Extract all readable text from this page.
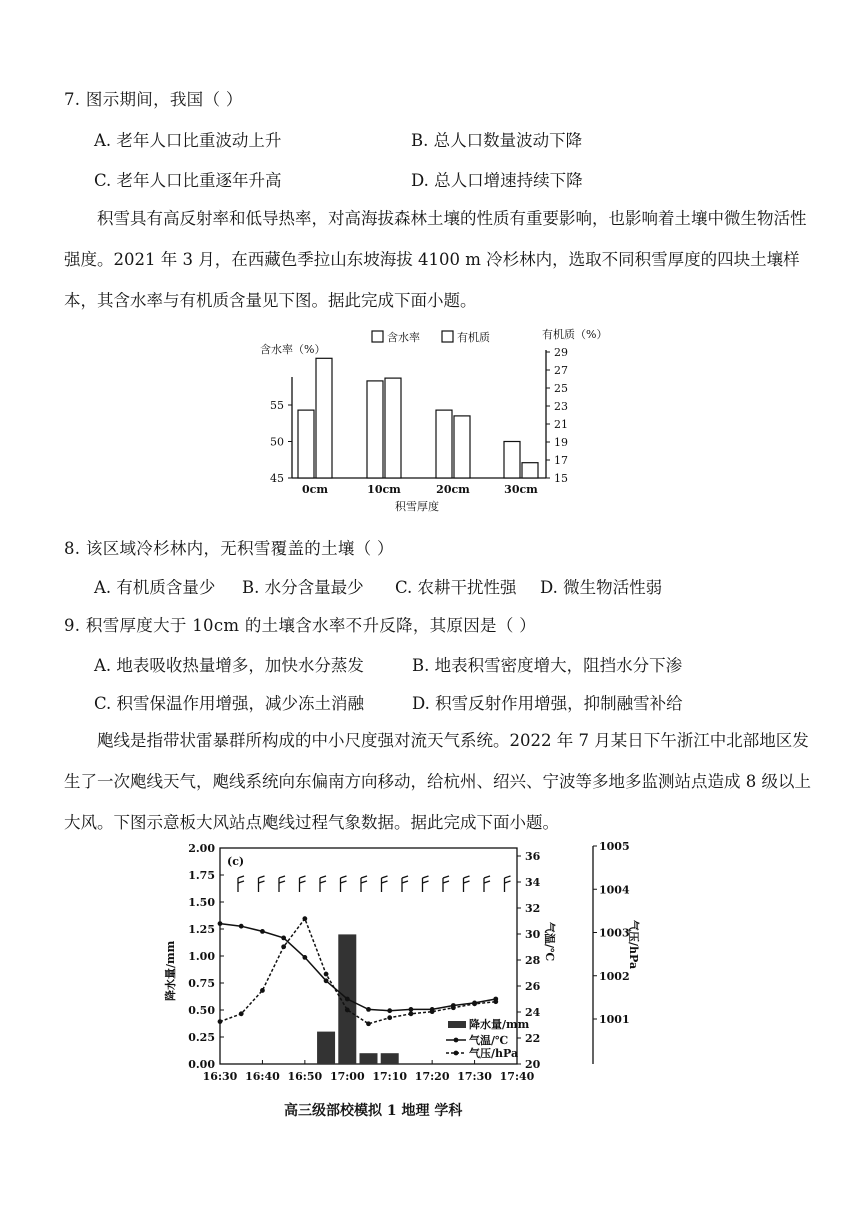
7. 图示期间，我国（ ）
A. 老年人口比重波动上升	B. 总人口数量波动下降
C. 老年人口比重逐年升高	D. 总人口增速持续下降
积雪具有高反射率和低导热率，对高海拔森林土壤的性质有重要影响，也影响着土壤中微生物活性强度。2021 年 3 月，在西藏色季拉山东坡海拔 4100 m 冷杉林内，选取不同积雪厚度的四块土壤样本，其含水率与有机质含量见下图。据此完成下面小题。
含水率（%）
含水率	有机质	有机质（%）
45
50
55
15
17
19
21
23
25
27
29
0cm	10cm	20cm	30cm
积雪厚度
8. 该区域冷杉林内，无积雪覆盖的土壤（ ）
A. 有机质含量少 B. 水分含量最少 C. 农耕干扰性强 D. 微生物活性弱
9. 积雪厚度大于 10cm 的土壤含水率不升反降，其原因是（ ）
A. 地表吸收热量增多，加快水分蒸发	B. 地表积雪密度增大，阻挡水分下渗
C. 积雪保温作用增强，减少冻土消融	D. 积雪反射作用增强，抑制融雪补给
飑线是指带状雷暴群所构成的中小尺度强对流天气系统。2022 年 7 月某日下午浙江中北部地区发生了一次飑线天气，飑线系统向东偏南方向移动，给杭州、绍兴、宁波等多地多监测站点造成 8 级以上大风。下图示意板大风站点飑线过程气象数据。据此完成下面小题。
(c)
0.00
0.25
0.50
0.75
1.00
1.25
1.50
1.75
2.00
20
22
24
26
28
30
32
34
36
1001
1002
1003
1004
1005
16:30 16:40 16:50 17:00 17:10 17:20 17:30 17:40
降水量/mm	气温/℃	气压/hPa
降水量/mm
气温/℃
气压/hPa
高三级部校模拟 1 地理 学科
